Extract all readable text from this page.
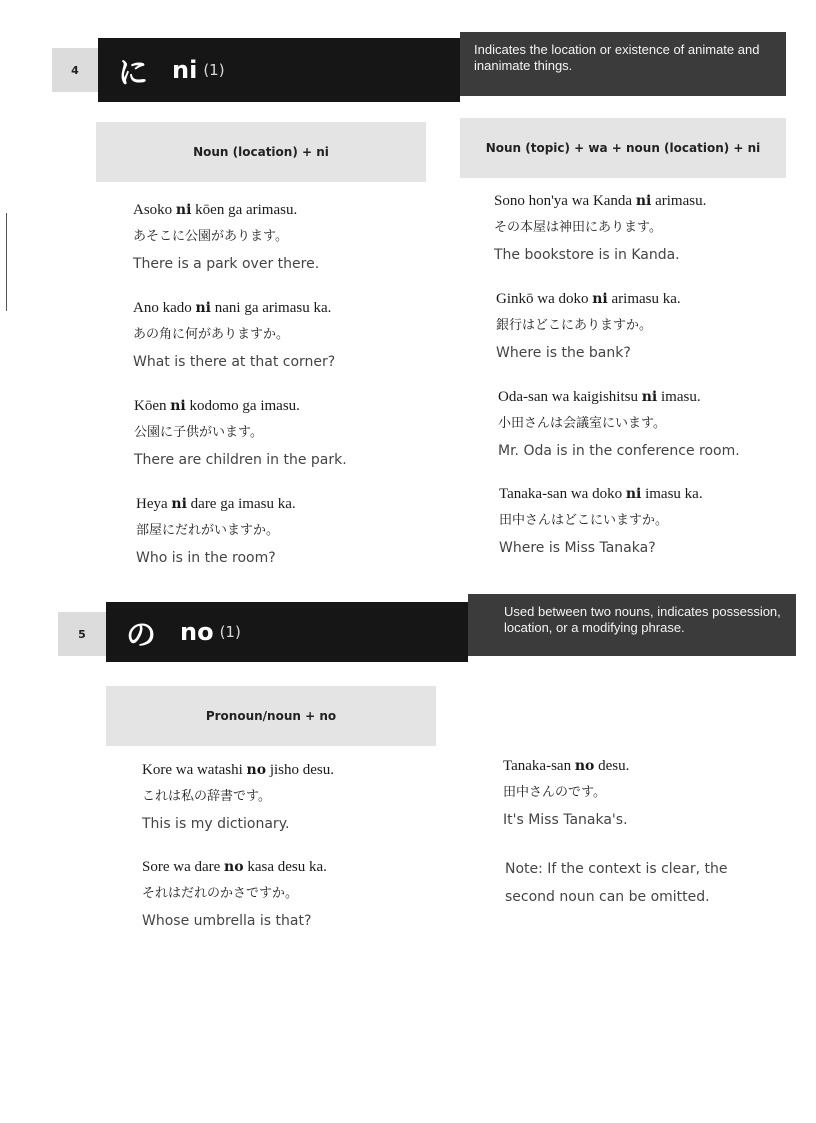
4 に ni (1)
Indicates the location or existence of animate and inanimate things.
Noun (location) + ni	Noun (topic) + wa + noun (location) + ni
Asoko ni kōen ga arimasu.
あそこに公園があります。
There is a park over there.
Ano kado ni nani ga arimasu ka.
あの角に何がありますか。
What is there at that corner?
Kōen ni kodomo ga imasu.
公園に子供がいます。
There are children in the park.
Heya ni dare ga imasu ka.
部屋にだれがいますか。
Who is in the room?
Sono hon'ya wa Kanda ni arimasu.
その本屋は神田にあります。
The bookstore is in Kanda.
Ginkō wa doko ni arimasu ka.
銀行はどこにありますか。
Where is the bank?
Oda-san wa kaigishitsu ni imasu.
小田さんは会議室にいます。
Mr. Oda is in the conference room.
Tanaka-san wa doko ni imasu ka.
田中さんはどこにいますか。
Where is Miss Tanaka?
5 の no (1)
Used between two nouns, indicates possession, location, or a modifying phrase.
Pronoun/noun + no
Kore wa watashi no jisho desu.
これは私の辞書です。
This is my dictionary.
Sore wa dare no kasa desu ka.
それはだれのかさですか。
Whose umbrella is that?
Tanaka-san no desu.
田中さんのです。
It's Miss Tanaka's.
Note: If the context is clear, the second noun can be omitted.
